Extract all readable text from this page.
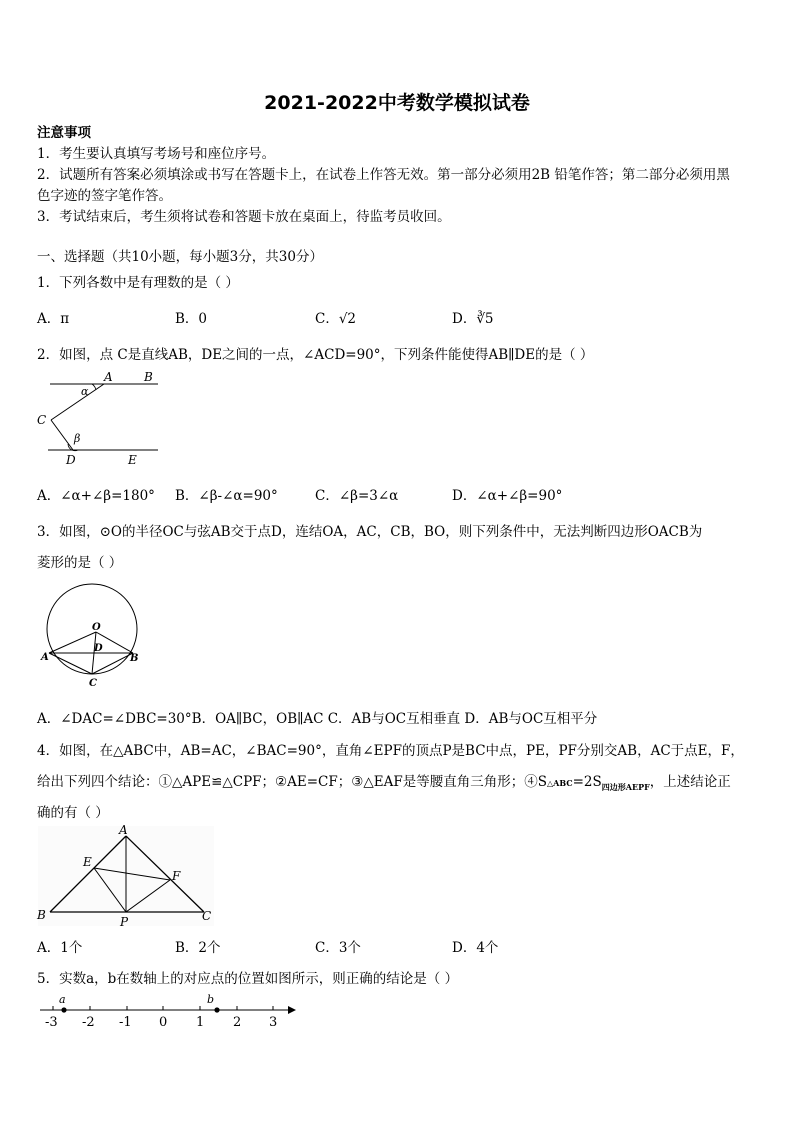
2021-2022中考数学模拟试卷
注意事项
1．考生要认真填写考场号和座位序号。
2．试题所有答案必须填涂或书写在答题卡上，在试卷上作答无效。第一部分必须用2B 铅笔作答；第二部分必须用黑
色字迹的签字笔作答。
3．考试结束后，考生须将试卷和答题卡放在桌面上，待监考员收回。
一、选择题（共10小题，每小题3分，共30分）
1．下列各数中是有理数的是（ ）
A．π	B．0	C．√2	D．∛5
2．如图，点 C是直线AB，DE之间的一点，∠ACD=90°，下列条件能使得AB∥DE的是（ ）
A	B
C
D	E
α
β
A．∠α+∠β=180° B．∠β-∠α=90°	C．∠β=3∠α	D．∠α+∠β=90°
3．如图，⊙O的半径OC与弦AB交于点D，连结OA，AC，CB，BO，则下列条件中，无法判断四边形OACB为
菱形的是（ ）
O
A	B
C
D
A．∠DAC=∠DBC=30°B．OA∥BC，OB∥AC C．AB与OC互相垂直 D．AB与OC互相平分
4．如图，在△ABC中，AB=AC，∠BAC=90°，直角∠EPF的顶点P是BC中点，PE，PF分别交AB，AC于点E，F，
给出下列四个结论：①△APE≌△CPF；②AE=CF；③△EAF是等腰直角三角形；$④S\triangle ABC=2S_{四边形AEPF}$，上述结论正
确的有（ ）
A
B	C
E
F
P
A．1个	B．2个	C．3个	D．4个
5．实数a，b在数轴上的对应点的位置如图所示，则正确的结论是（ ）
a	b
-3 -2 -1 0 1 2 3
